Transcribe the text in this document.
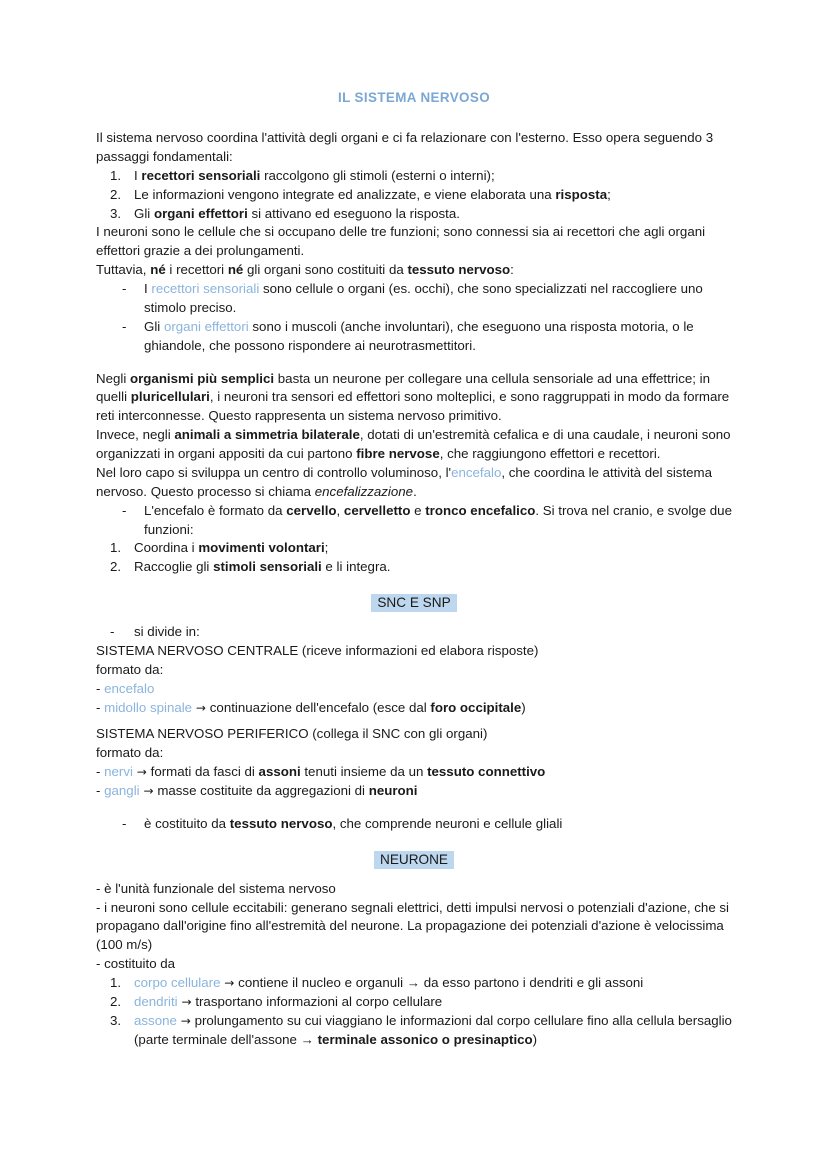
IL SISTEMA NERVOSO

Il sistema nervoso coordina l'attività degli organi e ci fa relazionare con l'esterno. Esso opera seguendo 3 passaggi fondamentali:

1. I recettori sensoriali raccolgono gli stimoli (esterni o interni);
2. Le informazioni vengono integrate ed analizzate, e viene elaborata una risposta;
3. Gli organi effettori si attivano ed eseguono la risposta.

I neuroni sono le cellule che si occupano delle tre funzioni; sono connessi sia ai recettori che agli organi effettori grazie a dei prolungamenti.

Tuttavia, né i recettori né gli organi sono costituiti da tessuto nervoso:

-	I recettori sensoriali sono cellule o organi (es. occhi), che sono specializzati nel raccogliere uno stimolo preciso.
-	Gli organi effettori sono i muscoli (anche involuntari), che eseguono una risposta motoria, o le ghiandole, che possono rispondere ai neurotrasmettitori.

Negli organismi più semplici basta un neurone per collegare una cellula sensoriale ad una effettrice; in quelli pluricellulari, i neuroni tra sensori ed effettori sono molteplici, e sono raggruppati in modo da formare reti interconnesse. Questo rappresenta un sistema nervoso primitivo.

Invece, negli animali a simmetria bilaterale, dotati di un'estremità cefalica e di una caudale, i neuroni sono organizzati in organi appositi da cui partono fibre nervose, che raggiungono effettori e recettori.

Nel loro capo si sviluppa un centro di controllo voluminoso, l'encefalo, che coordina le attività del sistema nervoso. Questo processo si chiama encefalizzazione.

-	L'encefalo è formato da cervello, cervelletto e tronco encefalico. Si trova nel cranio, e svolge due funzioni:
1. Coordina i movimenti volontari;
2. Raccoglie gli stimoli sensoriali e li integra.
SNC E SNP
-	si divide in:

SISTEMA NERVOSO CENTRALE (riceve informazioni ed elabora risposte)

formato da:

- encefalo

- midollo spinale → continuazione dell'encefalo (esce dal foro occipitale)

SISTEMA NERVOSO PERIFERICO (collega il SNC con gli organi)

formato da:

- nervi → formati da fasci di assoni tenuti insieme da un tessuto connettivo

- gangli → masse costituite da aggregazioni di neuroni

-	è costituito da tessuto nervoso, che comprende neuroni e cellule gliali
NEURONE

- è l'unità funzionale del sistema nervoso

- i neuroni sono cellule eccitabili: generano segnali elettrici, detti impulsi nervosi o potenziali d'azione, che si propagano dall'origine fino all'estremità del neurone. La propagazione dei potenziali d'azione è velocissima (100 m/s)

- costituito da

1. corpo cellulare → contiene il nucleo e organuli → da esso partono i dendriti e gli assoni
2. dendriti → trasportano informazioni al corpo cellulare
3. assone → prolungamento su cui viaggiano le informazioni dal corpo cellulare fino alla cellula bersaglio (parte terminale dell'assone → terminale assonico o presinaptico)
